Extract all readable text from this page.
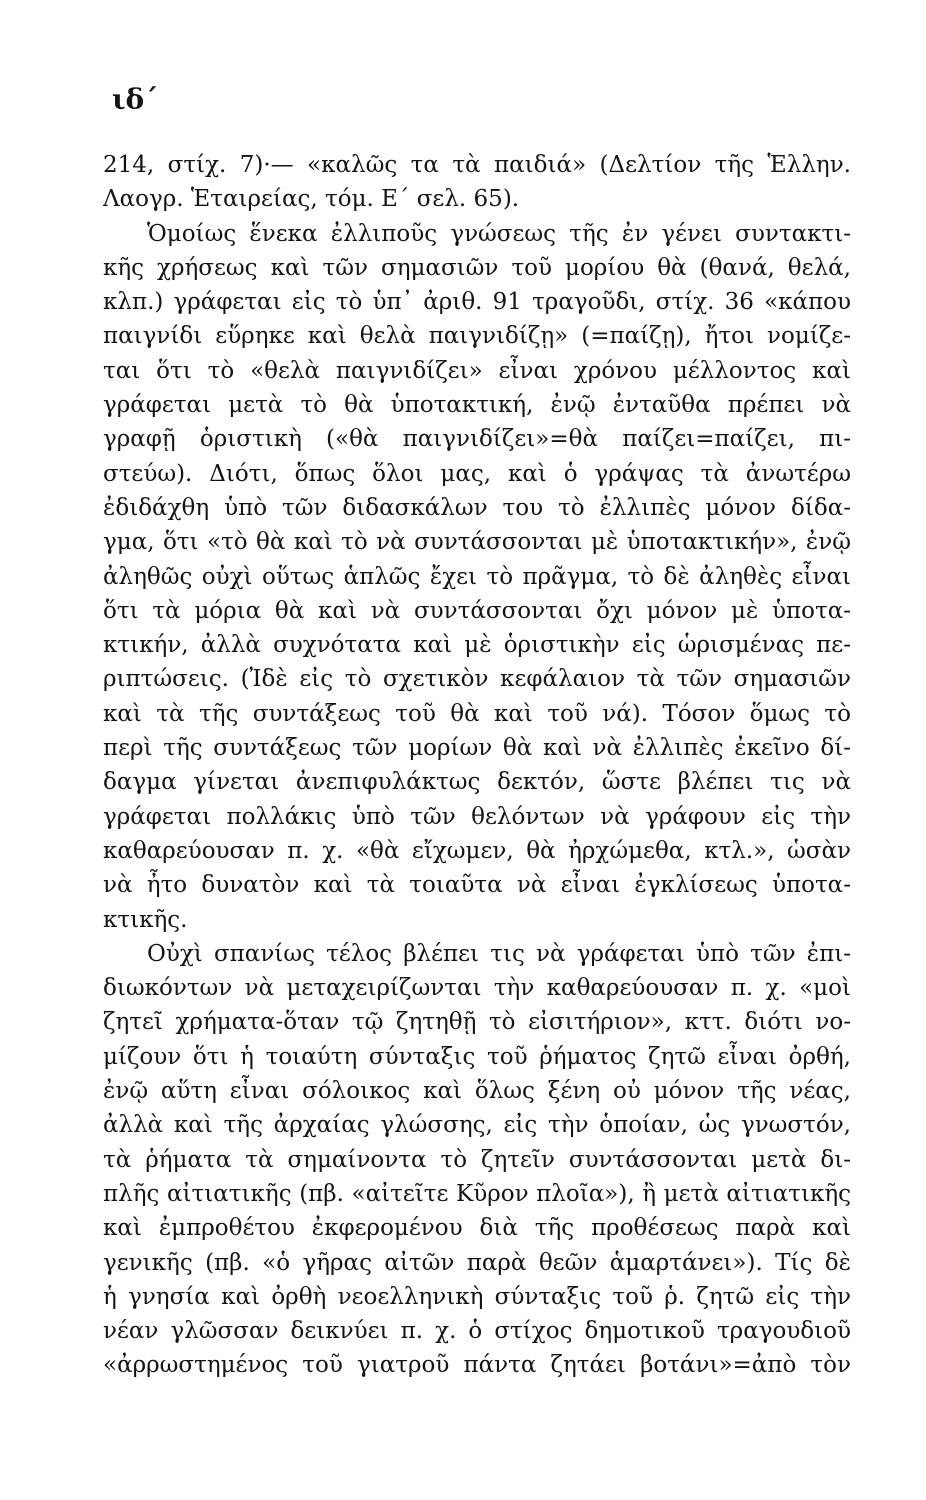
ιδ΄
214, στίχ. 7)·— «καλῶς τα τὰ παιδιά» (Δελτίον τῆς Ἑλλην.
Λαογρ. Ἑταιρείας, τόμ. Ε΄ σελ. 65).
Ὁμοίως ἕνεκα ἐλλιποῦς γνώσεως τῆς ἐν γένει συντακτι-
κῆς χρήσεως καὶ τῶν σημασιῶν τοῦ μορίου θὰ (θανά, θελά,
κλπ.) γράφεται εἰς τὸ ὑπ᾽ ἀριθ. 91 τραγοῦδι, στίχ. 36 «κάπου
παιγνίδι εὕρηκε καὶ θελὰ παιγνιδίζῃ» (=παίζῃ), ἤτοι νομίζε-
ται ὅτι τὸ «θελὰ παιγνιδίζει» εἶναι χρόνου μέλλοντος καὶ
γράφεται μετὰ τὸ θὰ ὑποτακτική, ἐνῷ ἐνταῦθα πρέπει νὰ
γραφῇ ὁριστικὴ («θὰ παιγνιδίζει»=θὰ παίζει=παίζει, πι-
στεύω). Διότι, ὅπως ὅλοι μας, καὶ ὁ γράψας τὰ ἀνωτέρω
ἐδιδάχθη ὑπὸ τῶν διδασκάλων του τὸ ἐλλιπὲς μόνον δίδα-
γμα, ὅτι «τὸ θὰ καὶ τὸ νὰ συντάσσονται μὲ ὑποτακτικήν», ἐνῷ
ἀληθῶς οὐχὶ οὕτως ἁπλῶς ἔχει τὸ πρᾶγμα, τὸ δὲ ἀληθὲς εἶναι
ὅτι τὰ μόρια θὰ καὶ νὰ συντάσσονται ὄχι μόνον μὲ ὑποτα-
κτικήν, ἀλλὰ συχνότατα καὶ μὲ ὁριστικὴν εἰς ὡρισμένας πε-
ριπτώσεις. (Ἰδὲ εἰς τὸ σχετικὸν κεφάλαιον τὰ τῶν σημασιῶν
καὶ τὰ τῆς συντάξεως τοῦ θὰ καὶ τοῦ νά). Τόσον ὅμως τὸ
περὶ τῆς συντάξεως τῶν μορίων θὰ καὶ νὰ ἐλλιπὲς ἐκεῖνο δί-
δαγμα γίνεται ἀνεπιφυλάκτως δεκτόν, ὥστε βλέπει τις νὰ
γράφεται πολλάκις ὑπὸ τῶν θελόντων νὰ γράφουν εἰς τὴν
καθαρεύουσαν π. χ. «θὰ εἴχωμεν, θὰ ἠρχώμεθα, κτλ.», ὡσὰν
νὰ ἦτο δυνατὸν καὶ τὰ τοιαῦτα νὰ εἶναι ἐγκλίσεως ὑποτα-
κτικῆς.
Οὐχὶ σπανίως τέλος βλέπει τις νὰ γράφεται ὑπὸ τῶν ἐπι-
διωκόντων νὰ μεταχειρίζωνται τὴν καθαρεύουσαν π. χ. «μοὶ
ζητεῖ χρήματα-ὅταν τῷ ζητηθῇ τὸ εἰσιτήριον», κττ. διότι νο-
μίζουν ὅτι ἡ τοιαύτη σύνταξις τοῦ ῥήματος ζητῶ εἶναι ὀρθή,
ἐνῷ αὕτη εἶναι σόλοικος καὶ ὅλως ξένη οὐ μόνον τῆς νέας,
ἀλλὰ καὶ τῆς ἀρχαίας γλώσσης, εἰς τὴν ὁποίαν, ὡς γνωστόν,
τὰ ῥήματα τὰ σημαίνοντα τὸ ζητεῖν συντάσσονται μετὰ δι-
πλῆς αἰτιατικῆς (πβ. «αἰτεῖτε Κῦρον πλοῖα»), ἢ μετὰ αἰτιατικῆς
καὶ ἐμπροθέτου ἐκφερομένου διὰ τῆς προθέσεως παρὰ καὶ
γενικῆς (πβ. «ὁ γῆρας αἰτῶν παρὰ θεῶν ἁμαρτάνει»). Τίς δὲ
ἡ γνησία καὶ ὀρθὴ νεοελληνικὴ σύνταξις τοῦ ῥ. ζητῶ εἰς τὴν
νέαν γλῶσσαν δεικνύει π. χ. ὁ στίχος δημοτικοῦ τραγουδιοῦ
«ἀρρωστημένος τοῦ γιατροῦ πάντα ζητάει βοτάνι»=ἀπὸ τὸν
